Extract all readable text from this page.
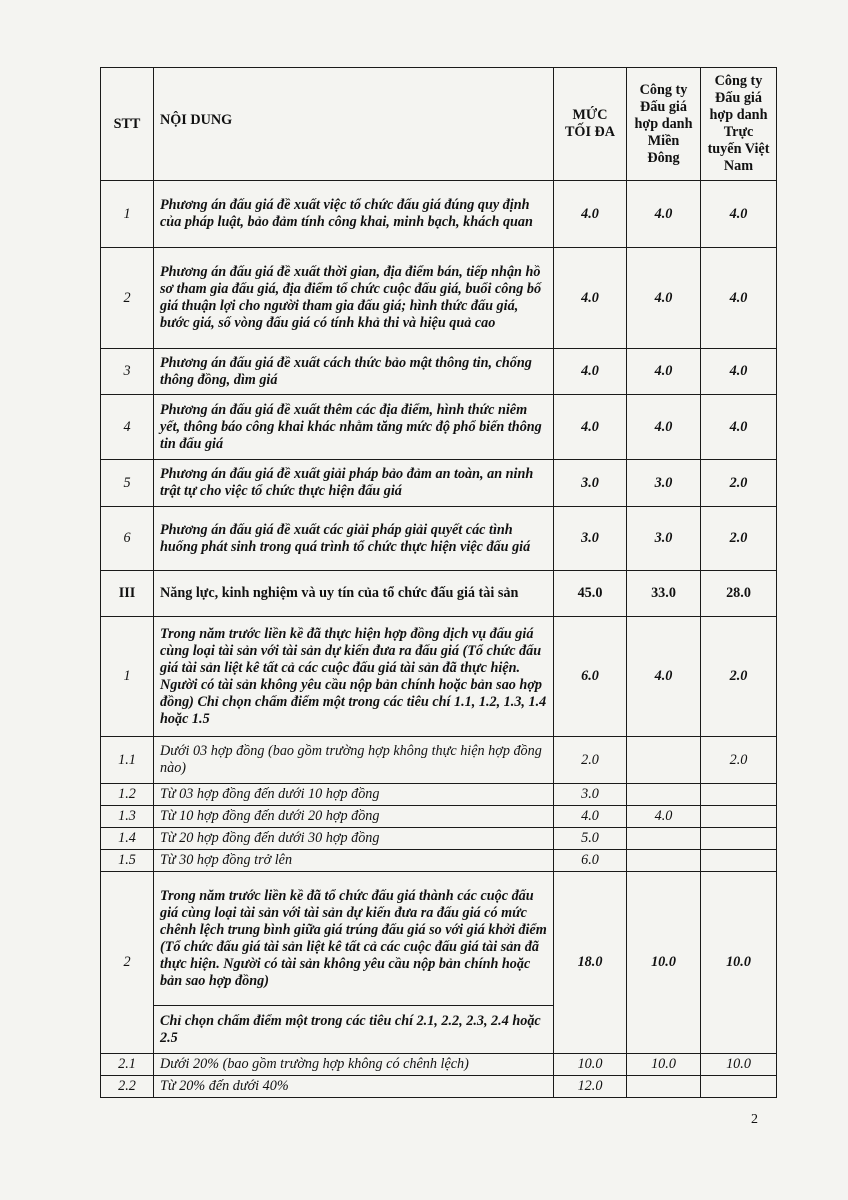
STT	NỘI DUNG	MỨC TỐI ĐA	Công ty Đấu giá hợp danh Miền Đông	Công ty Đấu giá hợp danh Trực tuyến Việt Nam
1	Phương án đấu giá đề xuất việc tổ chức đấu giá đúng quy định của pháp luật, bảo đảm tính công khai, minh bạch, khách quan	4.0	4.0	4.0
2	Phương án đấu giá đề xuất thời gian, địa điểm bán, tiếp nhận hồ sơ tham gia đấu giá, địa điểm tổ chức cuộc đấu giá, buổi công bố giá thuận lợi cho người tham gia đấu giá; hình thức đấu giá, bước giá, số vòng đấu giá có tính khả thi và hiệu quả cao	4.0	4.0	4.0
3	Phương án đấu giá đề xuất cách thức bảo mật thông tin, chống thông đồng, dìm giá	4.0	4.0	4.0
4	Phương án đấu giá đề xuất thêm các địa điểm, hình thức niêm yết, thông báo công khai khác nhằm tăng mức độ phổ biến thông tin đấu giá	4.0	4.0	4.0
5	Phương án đấu giá đề xuất giải pháp bảo đảm an toàn, an ninh trật tự cho việc tổ chức thực hiện đấu giá	3.0	3.0	2.0
6	Phương án đấu giá đề xuất các giải pháp giải quyết các tình huống phát sinh trong quá trình tổ chức thực hiện việc đấu giá	3.0	3.0	2.0
III	Năng lực, kinh nghiệm và uy tín của tổ chức đấu giá tài sản	45.0	33.0	28.0
1	Trong năm trước liền kề đã thực hiện hợp đồng dịch vụ đấu giá cùng loại tài sản với tài sản dự kiến đưa ra đấu giá (Tổ chức đấu giá tài sản liệt kê tất cả các cuộc đấu giá tài sản đã thực hiện. Người có tài sản không yêu cầu nộp bản chính hoặc bản sao hợp đồng) Chỉ chọn chấm điểm một trong các tiêu chí 1.1, 1.2, 1.3, 1.4 hoặc 1.5	6.0	4.0	2.0
1.1	Dưới 03 hợp đồng (bao gồm trường hợp không thực hiện hợp đồng nào)	2.0		2.0
1.2	Từ 03 hợp đồng đến dưới 10 hợp đồng	3.0		
1.3	Từ 10 hợp đồng đến dưới 20 hợp đồng	4.0	4.0	
1.4	Từ 20 hợp đồng đến dưới 30 hợp đồng	5.0		
1.5	Từ 30 hợp đồng trở lên	6.0		
2	Trong năm trước liền kề đã tổ chức đấu giá thành các cuộc đấu giá cùng loại tài sản với tài sản dự kiến đưa ra đấu giá có mức chênh lệch trung bình giữa giá trúng đấu giá so với giá khởi điểm (Tổ chức đấu giá tài sản liệt kê tất cả các cuộc đấu giá tài sản đã thực hiện. Người có tài sản không yêu cầu nộp bản chính hoặc bản sao hợp đồng)	18.0	10.0	10.0
	Chỉ chọn chấm điểm một trong các tiêu chí 2.1, 2.2, 2.3, 2.4 hoặc 2.5			
2.1	Dưới 20% (bao gồm trường hợp không có chênh lệch)	10.0	10.0	10.0
2.2	Từ 20% đến dưới 40%	12.0		
2
